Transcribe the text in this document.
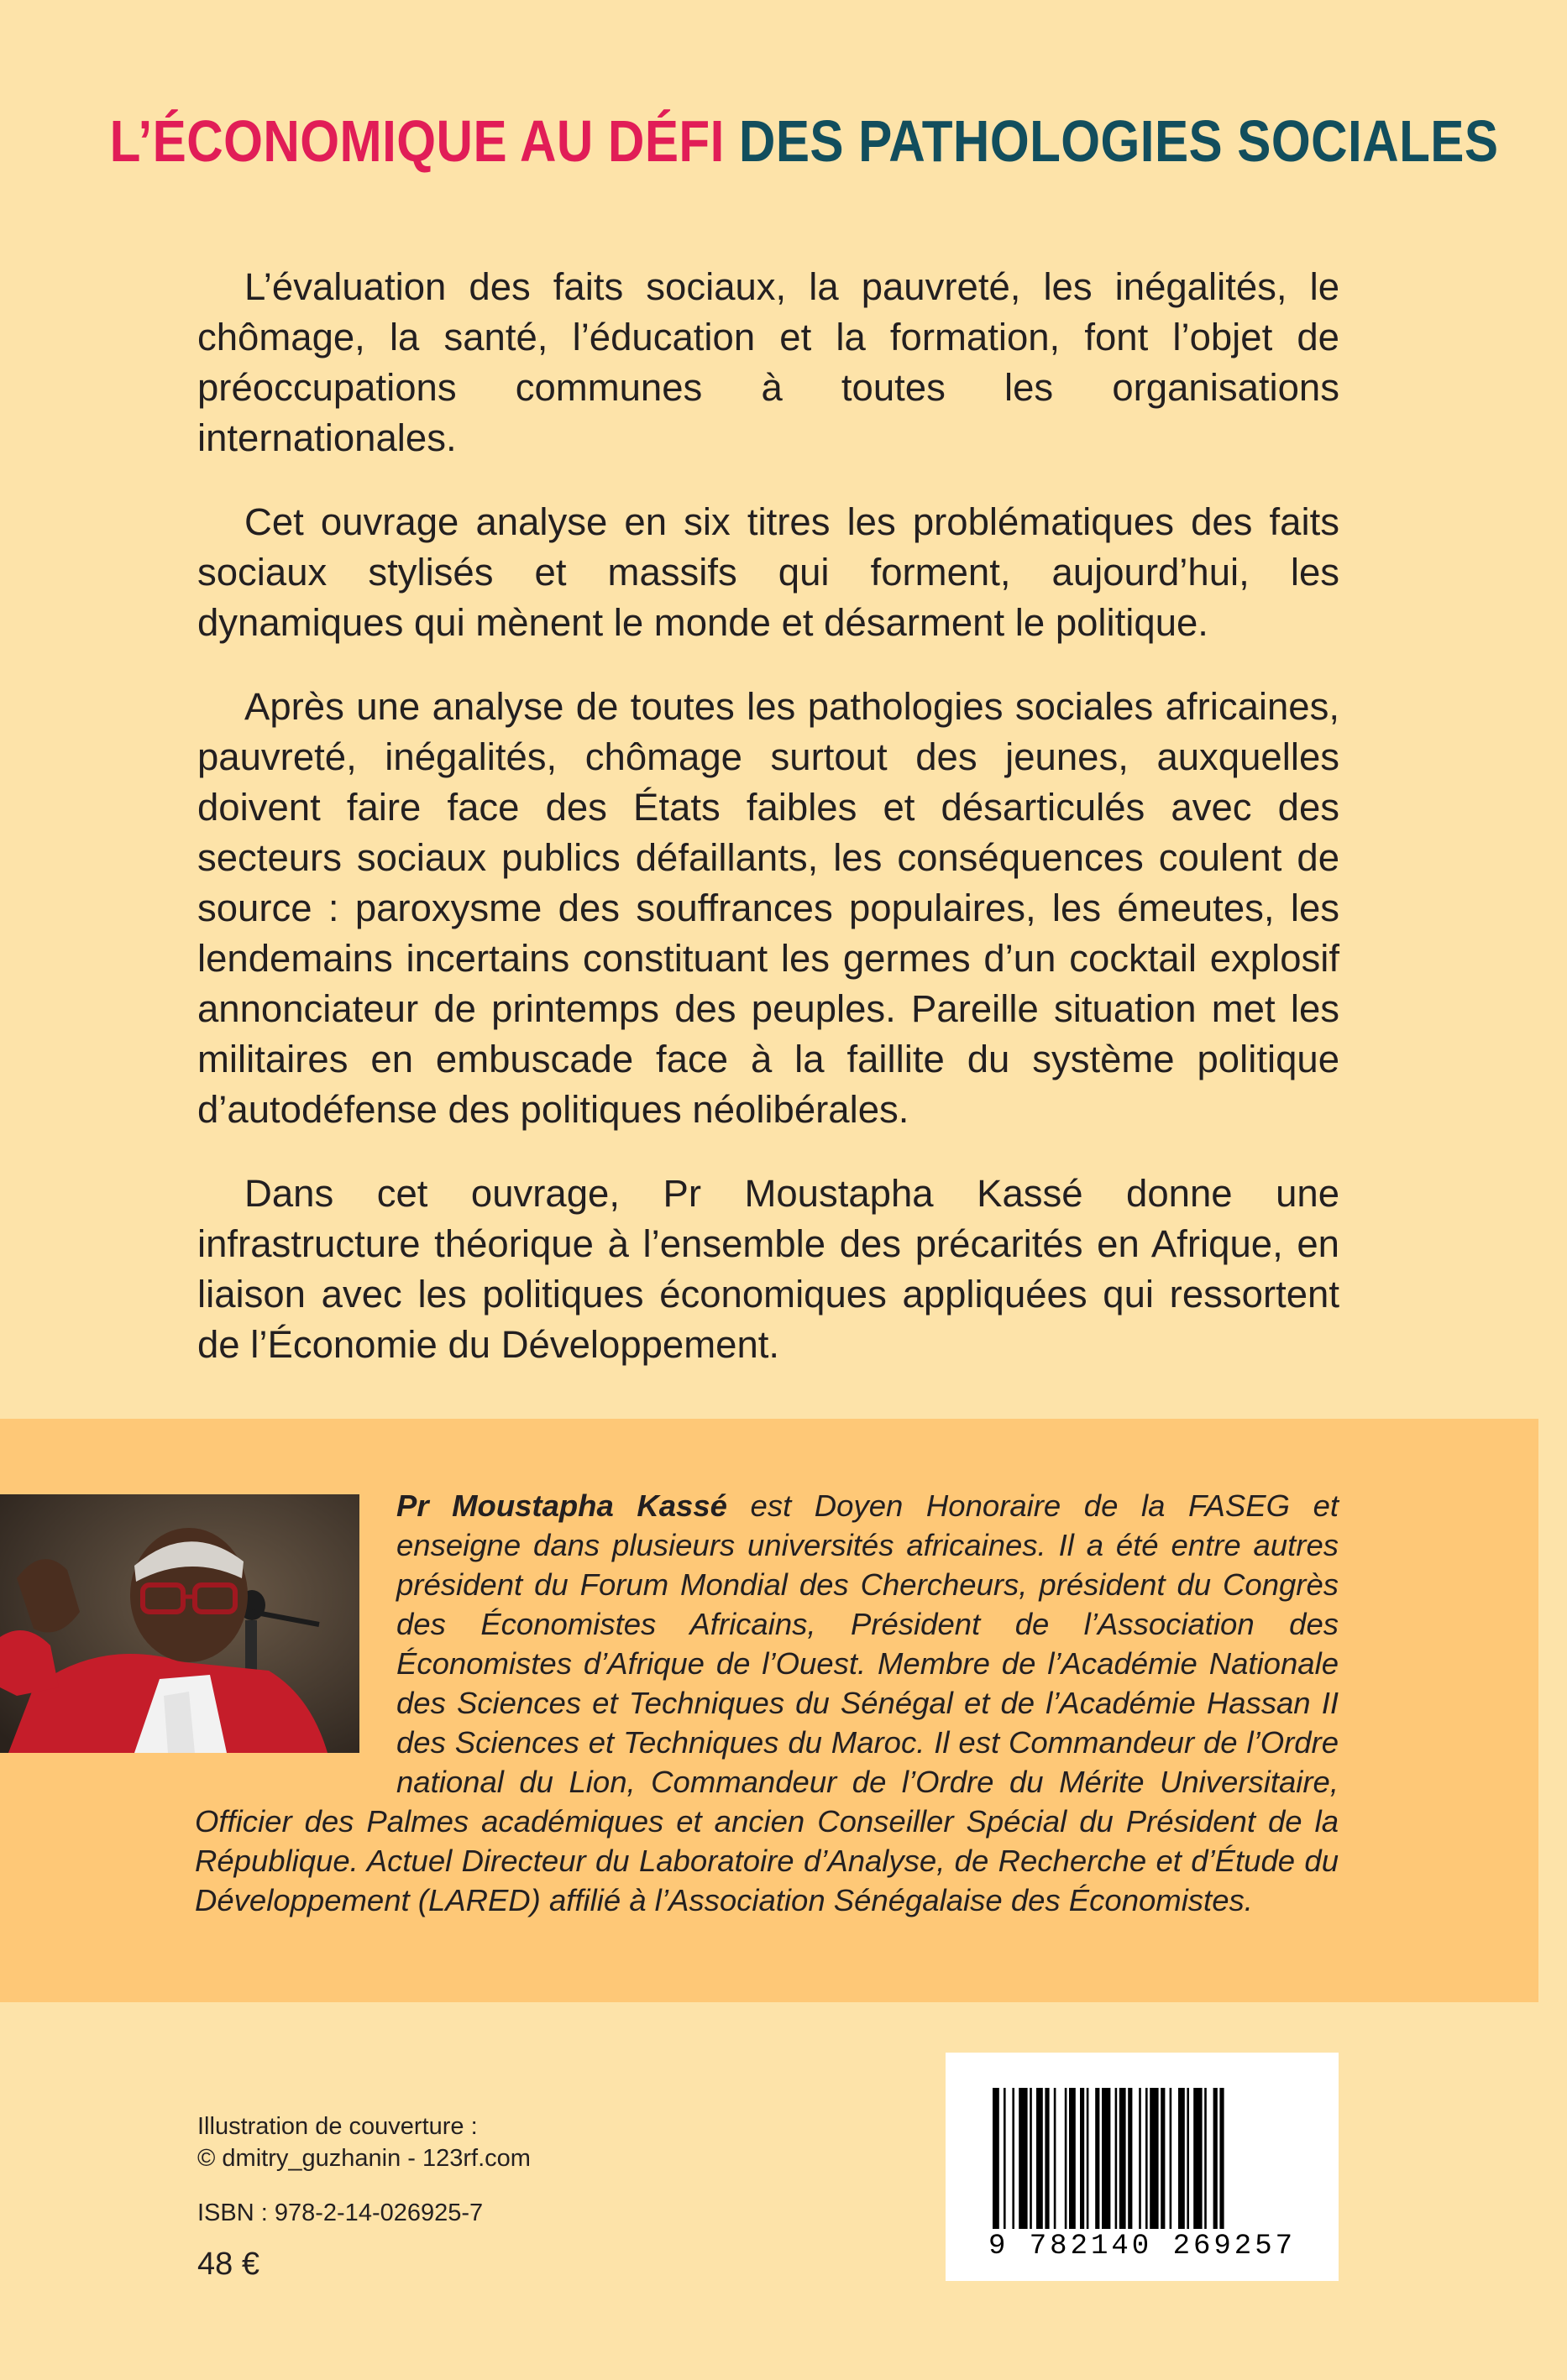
L’ÉCONOMIQUE AU DÉFI DES PATHOLOGIES SOCIALES

L’évaluation des faits sociaux, la pauvreté, les inégalités, le chômage, la santé, l’éducation et la formation, font l’objet de préoccupations communes à toutes les organisations internationales.

Cet ouvrage analyse en six titres les problématiques des faits sociaux stylisés et massifs qui forment, aujourd’hui, les dynamiques qui mènent le monde et désarment le politique.

Après une analyse de toutes les pathologies sociales africaines, pauvreté, inégalités, chômage surtout des jeunes, auxquelles doivent faire face des États faibles et désarticulés avec des secteurs sociaux publics défaillants, les conséquences coulent de source : paroxysme des souffrances populaires, les émeutes, les lendemains incertains constituant les germes d’un cocktail explosif annonciateur de printemps des peuples. Pareille situation met les militaires en embuscade face à la faillite du système politique d’autodéfense des politiques néolibérales.

Dans cet ouvrage, Pr Moustapha Kassé donne une infrastructure théorique à l’ensemble des précarités en Afrique, en liaison avec les politiques économiques appliquées qui ressortent de l’Économie du Développement.

Pr Moustapha Kassé est Doyen Honoraire de la FASEG et enseigne dans plusieurs universités africaines. Il a été entre autres président du Forum Mondial des Chercheurs, président du Congrès des Économistes Africains, Président de l’Association des Économistes d’Afrique de l’Ouest. Membre de l’Académie Nationale des Sciences et Techniques du Sénégal et de l’Académie Hassan II des Sciences et Techniques du Maroc. Il est Commandeur de l’Ordre national du Lion, Commandeur de l’Ordre du Mérite Universitaire, Officier des Palmes académiques et ancien Conseiller Spécial du Président de la République. Actuel Directeur du Laboratoire d’Analyse, de Recherche et d’Étude du Développement (LARED) affilié à l’Association Sénégalaise des Économistes.
Illustration de couverture :
© dmitry_guzhanin - 123rf.com
ISBN : 978-2-14-026925-7
48 €	9 782140 269257
